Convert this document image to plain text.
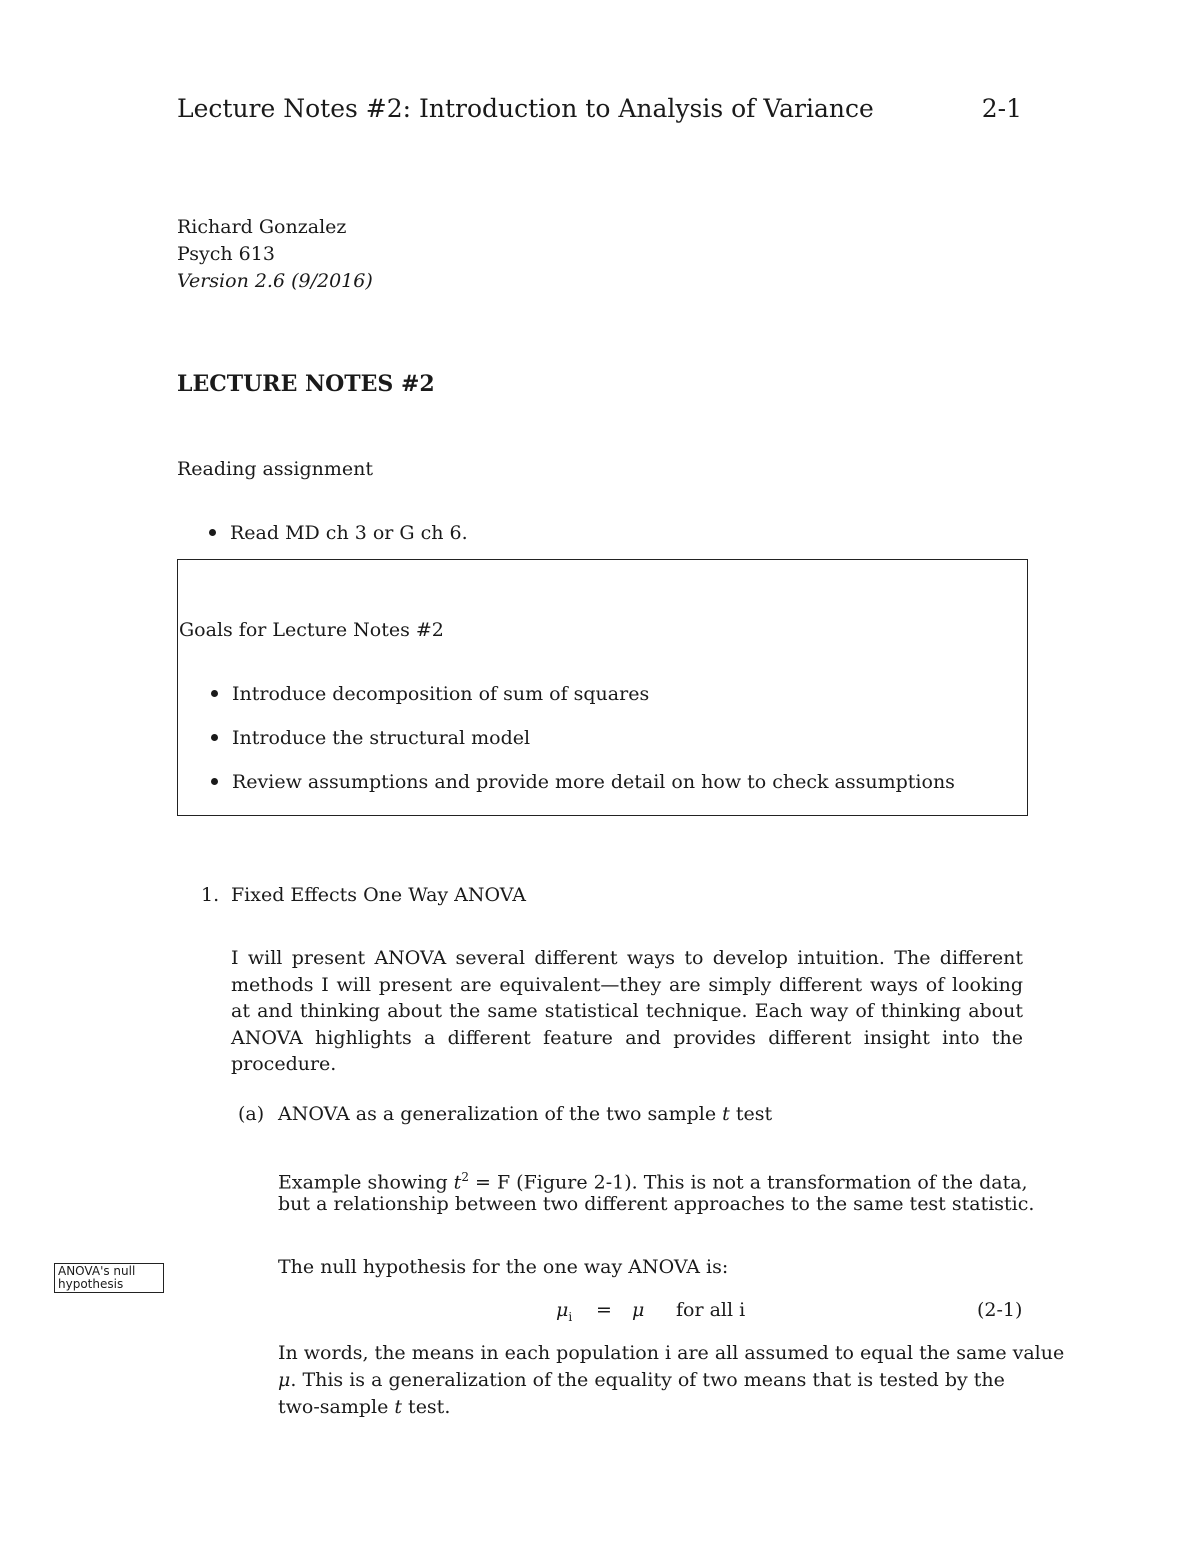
Lecture Notes #2: Introduction to Analysis of Variance	2-1
Richard Gonzalez
Psych 613
Version 2.6 (9/2016)
LECTURE NOTES #2
Reading assignment
Read MD ch 3 or G ch 6.
Goals for Lecture Notes #2
Introduce decomposition of sum of squares
Introduce the structural model
Review assumptions and provide more detail on how to check assumptions
1. Fixed Effects One Way ANOVA
I will present ANOVA several different ways to develop intuition. The different methods I will present are equivalent—they are simply different ways of looking at and thinking about the same statistical technique. Each way of thinking about ANOVA highlights a different feature and provides different insight into the procedure.
(a) ANOVA as a generalization of the two sample t test
Example showing $t^2 = F$ (Figure 2-1). This is not a transformation of the data,
but a relationship between two different approaches to the same test statistic.
ANOVA's null hypothesis
The null hypothesis for the one way ANOVA is:
$\mu_i = \mu$ for all i	(2-1)
In words, the means in each population i are all assumed to equal the same value
μ. This is a generalization of the equality of two means that is tested by the
two-sample t test.
